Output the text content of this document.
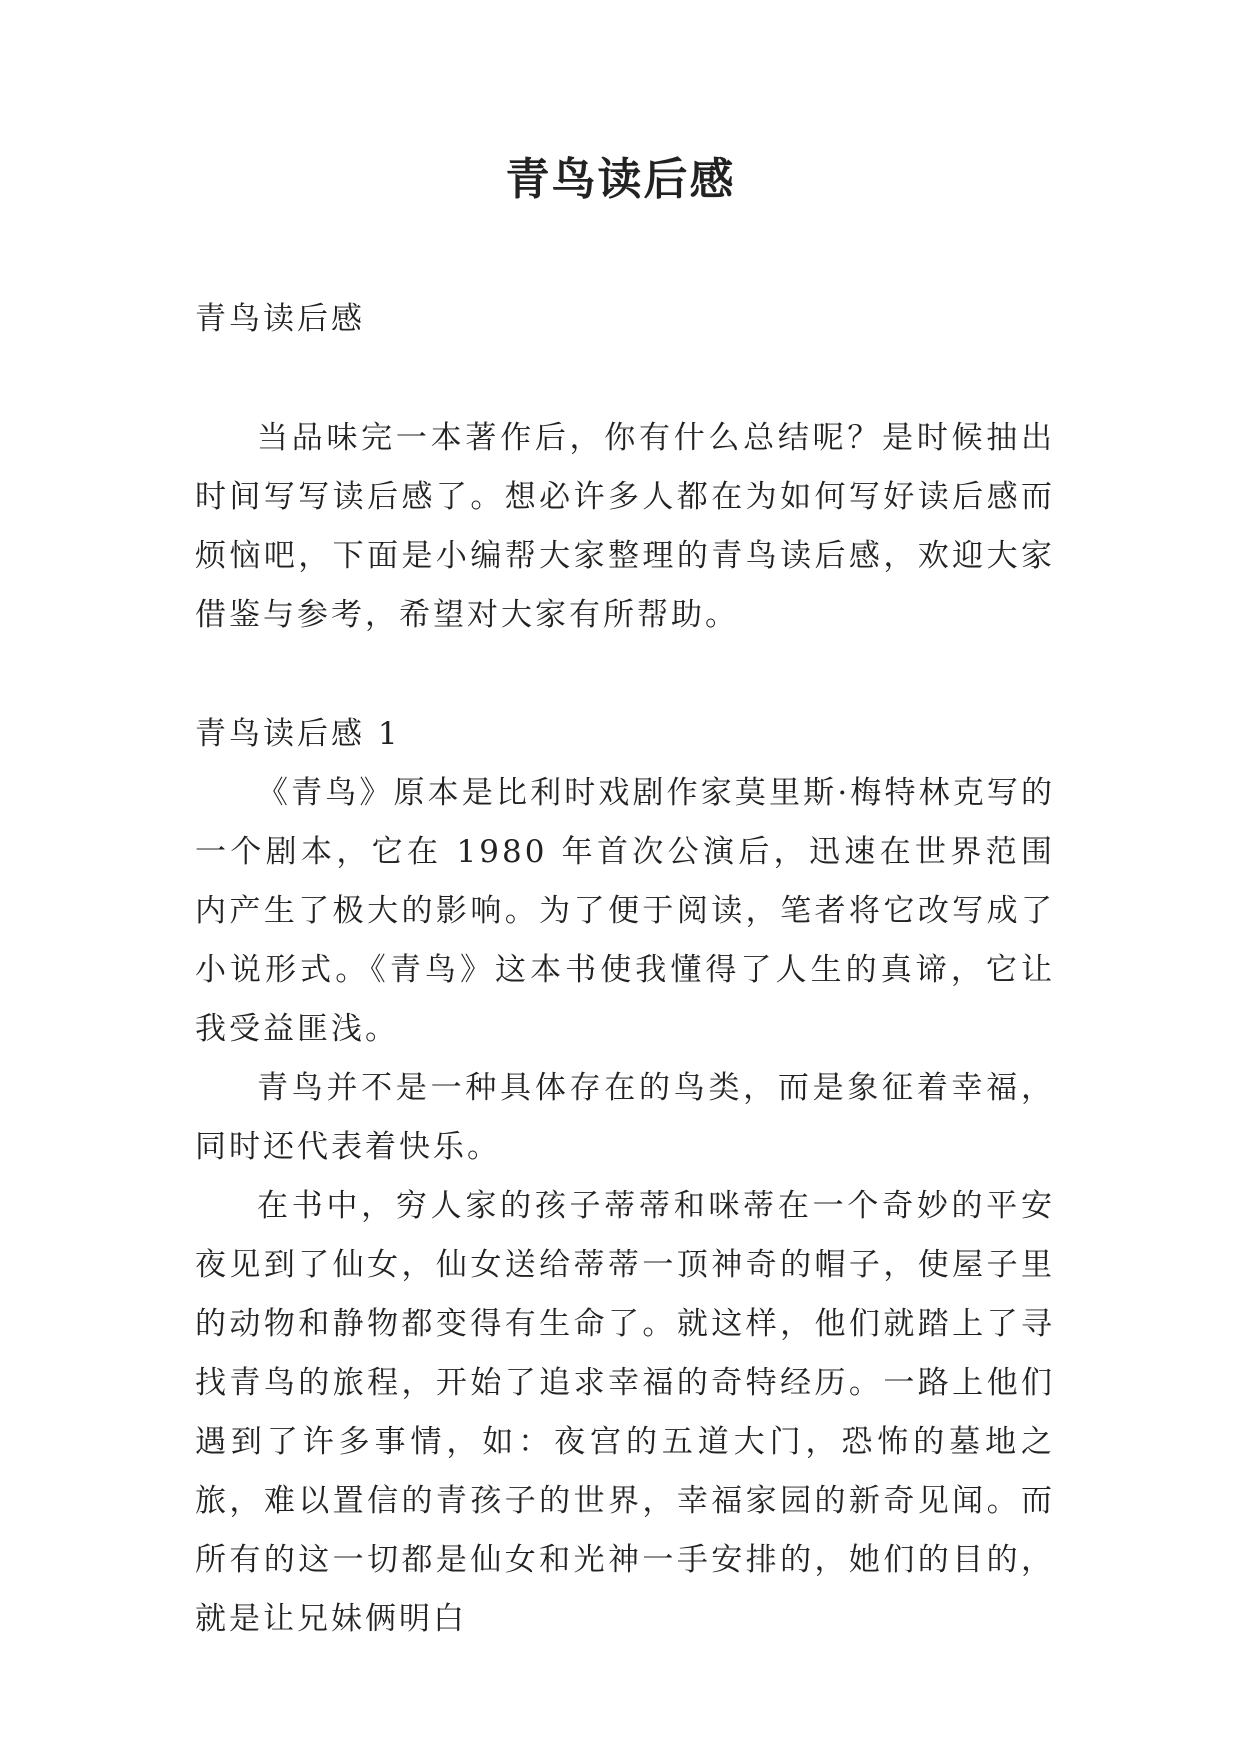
青鸟读后感

青鸟读后感

当品味完一本著作后，你有什么总结呢？是时候抽出时间写写读后感了。想必许多人都在为如何写好读后感而烦恼吧，下面是小编帮大家整理的青鸟读后感，欢迎大家借鉴与参考，希望对大家有所帮助。

青鸟读后感 1

《青鸟》原本是比利时戏剧作家莫里斯·梅特林克写的一个剧本，它在 1980 年首次公演后，迅速在世界范围内产生了极大的影响。为了便于阅读，笔者将它改写成了小说形式。《青鸟》这本书使我懂得了人生的真谛，它让我受益匪浅。

青鸟并不是一种具体存在的鸟类，而是象征着幸福，同时还代表着快乐。

在书中，穷人家的孩子蒂蒂和咪蒂在一个奇妙的平安夜见到了仙女，仙女送给蒂蒂一顶神奇的帽子，使屋子里的动物和静物都变得有生命了。就这样，他们就踏上了寻找青鸟的旅程，开始了追求幸福的奇特经历。一路上他们遇到了许多事情，如：夜宫的五道大门，恐怖的墓地之旅，难以置信的青孩子的世界，幸福家园的新奇见闻。而所有的这一切都是仙女和光神一手安排的，她们的目的，就是让兄妹俩明白
